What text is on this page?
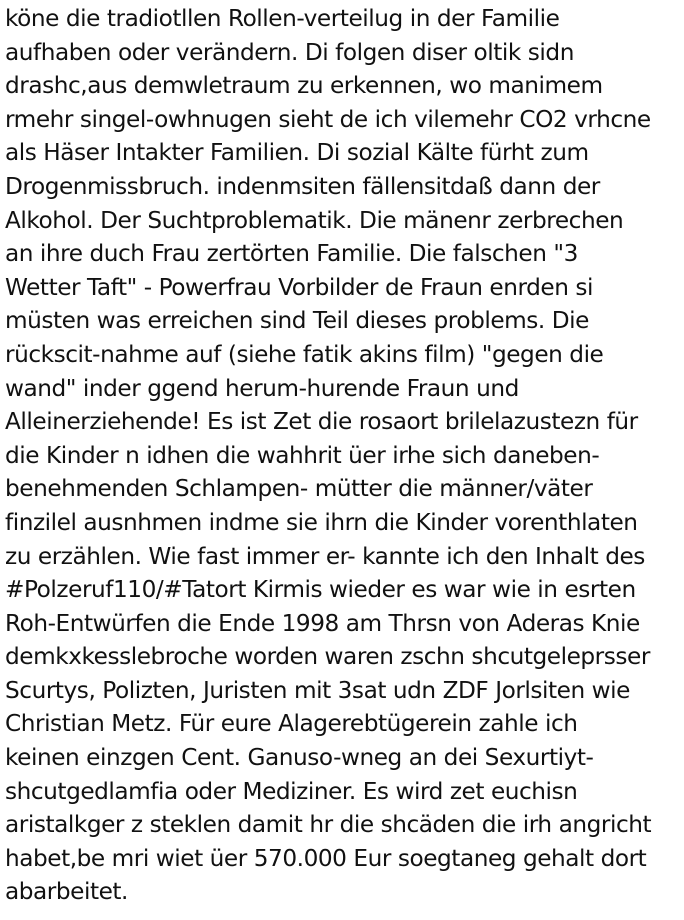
köne die tradiotllen Rollen-verteilug in der Familie
aufhaben oder verändern. Di folgen diser oltik sidn
drashc,aus demwletraum zu erkennen, wo manimem
rmehr singel-owhnugen sieht de ich vilemehr CO2 vrhcne
als Häser Intakter Familien. Di sozial Kälte fürht zum
Drogenmissbruch. indenmsiten fällensitdaß dann der
Alkohol. Der Suchtproblematik. Die mänenr zerbrechen
an ihre duch Frau zertörten Familie. Die falschen "3
Wetter Taft" - Powerfrau Vorbilder de Fraun enrden si
müsten was erreichen sind Teil dieses problems. Die
rückscit-nahme auf (siehe fatik akins film) "gegen die
wand" inder ggend herum-hurende Fraun und
Alleinerziehende! Es ist Zet die rosaort brilelazustezn für
die Kinder n idhen die wahhrit üer irhe sich daneben-
benehmenden Schlampen- mütter die männer/väter
finzilel ausnhmen indme sie ihrn die Kinder vorenthlaten
zu erzählen. Wie fast immer er- kannte ich den Inhalt des
#Polzeruf110/#Tatort Kirmis wieder es war wie in esrten
Roh-Entwürfen die Ende 1998 am Thrsn von Aderas Knie
demkxkesslebroche worden waren zschn shcutgeleprsser
Scurtys, Polizten, Juristen mit 3sat udn ZDF Jorlsiten wie
Christian Metz. Für eure Alagerebtügerein zahle ich
keinen einzgen Cent. Ganuso-wneg an dei Sexurtiyt-
shcutgedlamfia oder Mediziner. Es wird zet euchisn
aristalkger z steklen damit hr die shcäden die irh angricht
habet,be mri wiet üer 570.000 Eur soegtaneg gehalt dort
abarbeitet.
